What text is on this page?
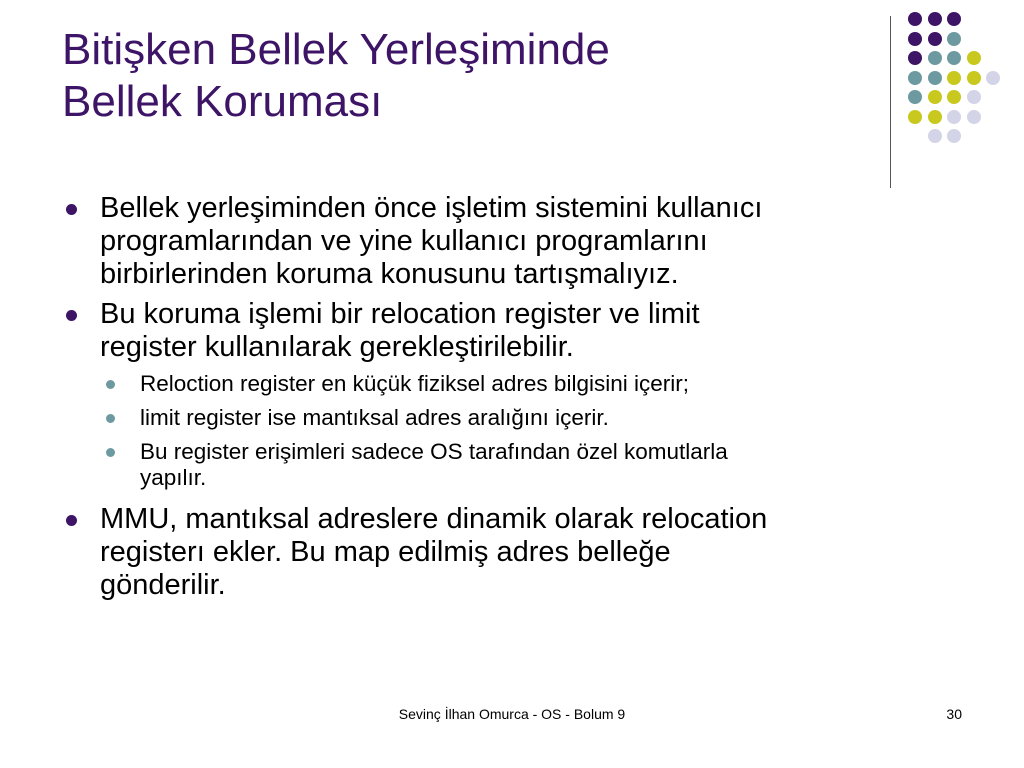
Bitişken Bellek Yerleşiminde
Bellek Koruması
Bellek yerleşiminden önce işletim sistemini kullanıcı
programlarından ve yine kullanıcı programlarını
birbirlerinden koruma konusunu tartışmalıyız.
Bu koruma işlemi bir relocation register ve limit
register kullanılarak gerekleştirilebilir.
Reloction register en küçük fiziksel adres bilgisini içerir;
limit register ise mantıksal adres aralığını içerir.
Bu register erişimleri sadece OS tarafından özel komutlarla
yapılır.
MMU, mantıksal adreslere dinamik olarak relocation
registerı ekler. Bu map edilmiş adres belleğe
gönderilir.
Sevinç İlhan Omurca - OS - Bolum 9	30
